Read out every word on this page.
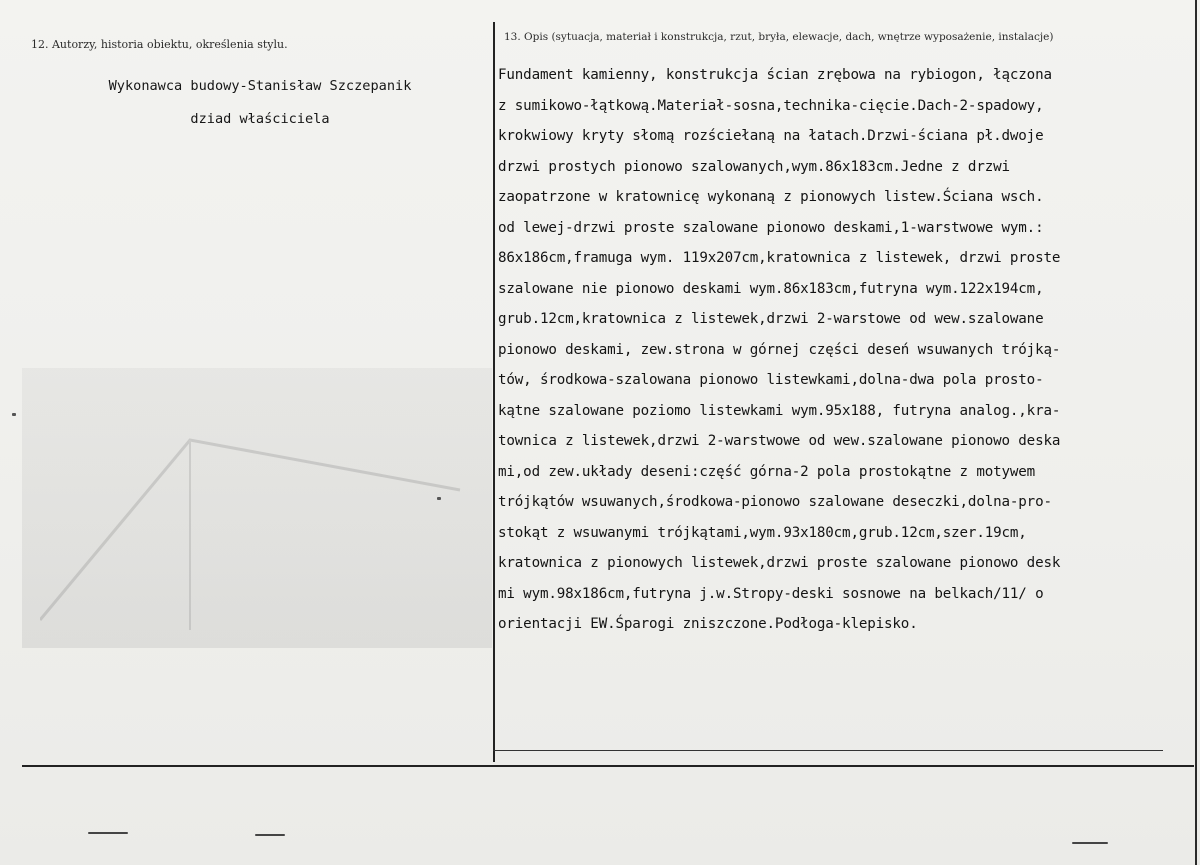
12. Autorzy, historia obiektu, określenia stylu.
13. Opis (sytuacja, materiał i konstrukcja, rzut, bryła, elewacje, dach, wnętrze wyposażenie, instalacje)
Wykonawca budowy-Stanisław Szczepanik
dziad właściciela
Fundament kamienny, konstrukcja ścian zrębowa na rybiogon, łączona
z sumikowo-łątkową.Materiał-sosna,technika-cięcie.Dach-2-spadowy,
krokwiowy kryty słomą rozściełaną na łatach.Drzwi-ściana pł.dwoje
drzwi prostych pionowo szalowanych,wym.86x183cm.Jedne z drzwi
zaopatrzone w kratownicę wykonaną z pionowych listew.Ściana wsch.
od lewej-drzwi proste szalowane pionowo deskami,1-warstwowe wym.:
86x186cm,framuga wym. 119x207cm,kratownica z listewek, drzwi proste
szalowane nie pionowo deskami wym.86x183cm,futryna wym.122x194cm,
grub.12cm,kratownica z listewek,drzwi 2-warstowe od wew.szalowane
pionowo deskami, zew.strona w górnej części deseń wsuwanych trójką-
tów, środkowa-szalowana pionowo listewkami,dolna-dwa pola prosto-
kątne szalowane poziomo listewkami wym.95x188, futryna analog.,kra-
townica z listewek,drzwi 2-warstwowe od wew.szalowane pionowo deska
mi,od zew.układy deseni:część górna-2 pola prostokątne z motywem
trójkątów wsuwanych,środkowa-pionowo szalowane deseczki,dolna-pro-
stokąt z wsuwanymi trójkątami,wym.93x180cm,grub.12cm,szer.19cm,
kratownica z pionowych listewek,drzwi proste szalowane pionowo desk
mi wym.98x186cm,futryna j.w.Stropy-deski sosnowe na belkach/11/ o
orientacji EW.Śparogi zniszczone.Podłoga-klepisko.
